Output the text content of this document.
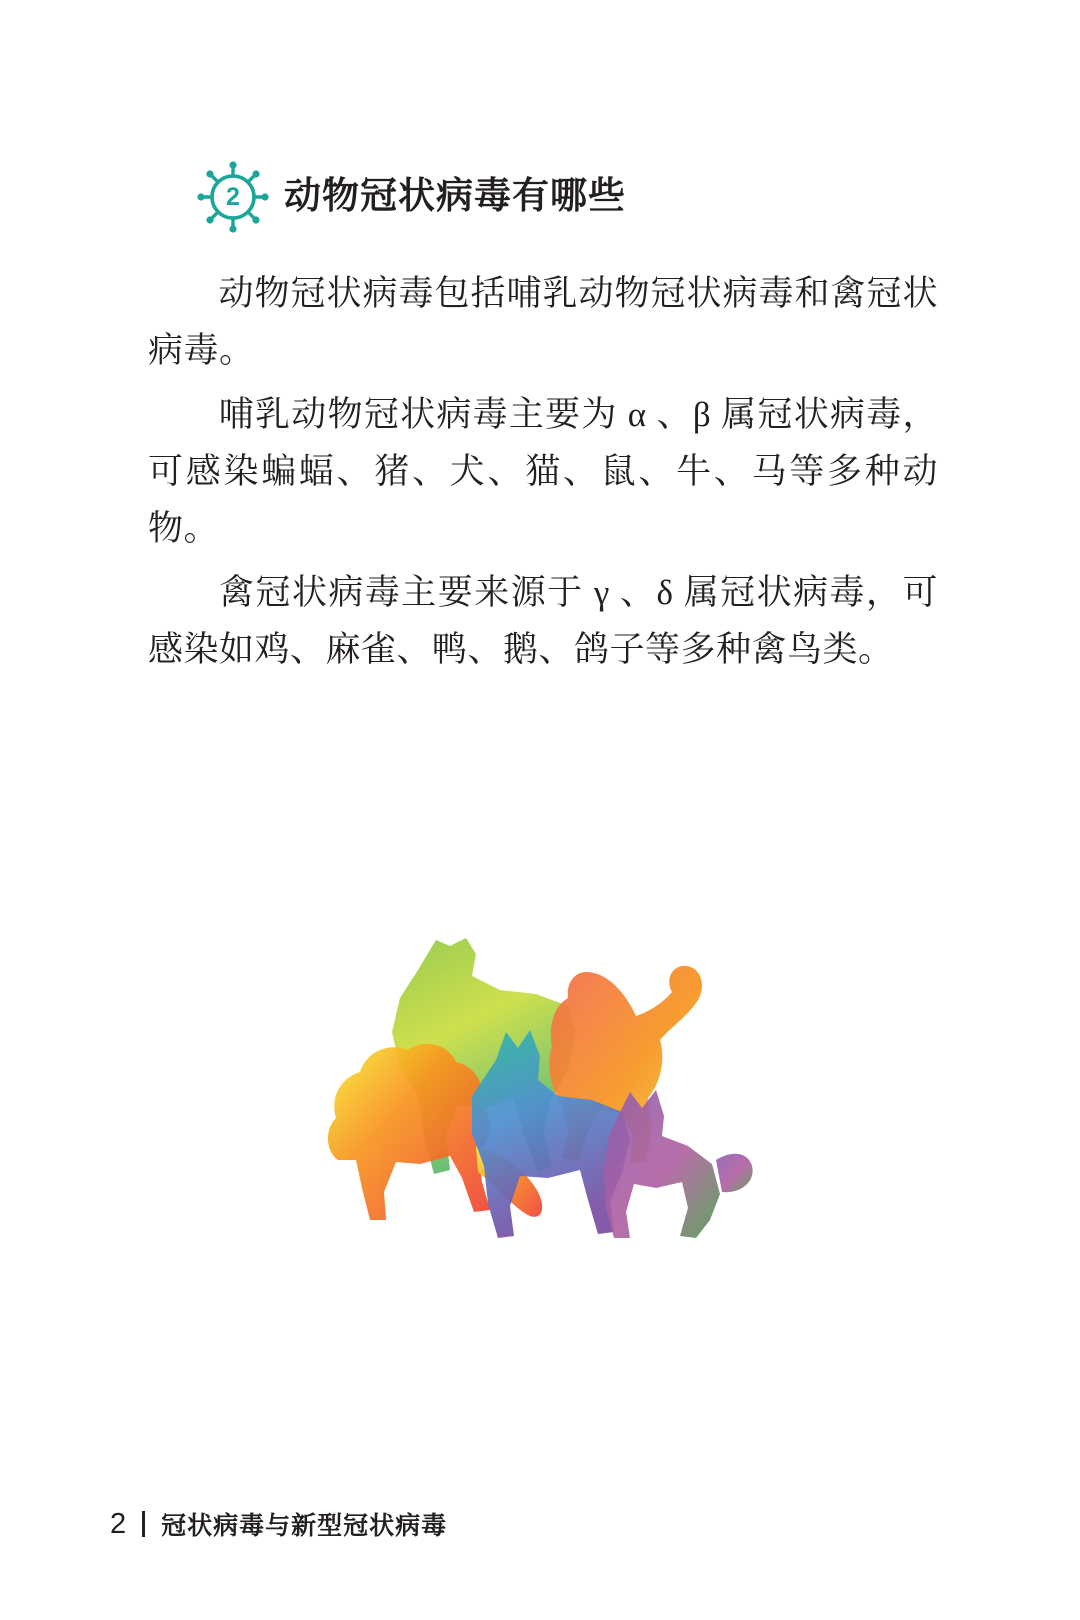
2 动物冠状病毒有哪些

动物冠状病毒包括哺乳动物冠状病毒和禽冠状病毒。

哺乳动物冠状病毒主要为 α 、β 属冠状病毒，可感染蝙蝠、猪、犬、猫、鼠、牛、马等多种动物。

禽冠状病毒主要来源于 γ 、δ 属冠状病毒，可感染如鸡、麻雀、鸭、鹅、鸽子等多种禽鸟类。

2 冠状病毒与新型冠状病毒
